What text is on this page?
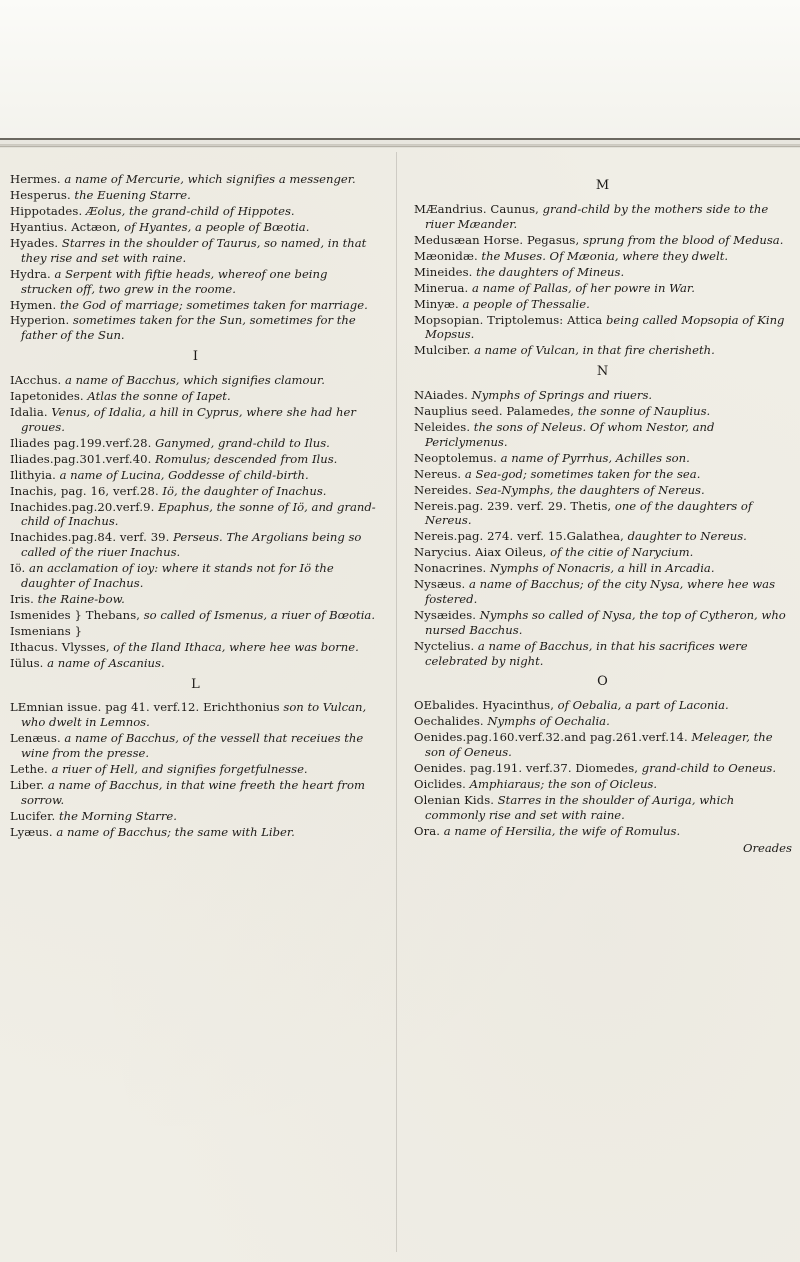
Hermes. a name of Mercurie, which signifies a messenger.
Hesperus. the Euening Starre.
Hippotades. Æolus, the grand-child of Hippotes.
Hyantius. Actæon, of Hyantes, a people of Bœotia.
Hyades. Starres in the shoulder of Taurus, so named, in that they rise and set with raine.
Hydra. a Serpent with fiftie heads, whereof one being strucken off, two grew in the roome.
Hymen. the God of marriage; sometimes taken for marriage.
Hyperion. sometimes taken for the Sun, sometimes for the father of the Sun.
I
IAcchus. a name of Bacchus, which signifies clamour.
Iapetonides. Atlas the sonne of Iapet.
Idalia. Venus, of Idalia, a hill in Cyprus, where she had her groues.
Iliades pag.199.verf.28. Ganymed, grand-child to Ilus.
Iliades.pag.301.verf.40. Romulus; descended from Ilus.
Ilithyia. a name of Lucina, Goddesse of child-birth.
Inachis, pag. 16, verf.28. Iö, the daughter of Inachus.
Inachides.pag.20.verf.9. Epaphus, the sonne of Iö, and grand-child of Inachus.
Inachides.pag.84. verf. 39. Perseus. The Argolians being so called of the riuer Inachus.
Iö. an acclamation of ioy: where it stands not for Iö the daughter of Inachus.
Iris. the Raine-bow.
Ismenides } Thebans, so called of Ismenus, a riuer of Bœotia.
Ismenians }
Ithacus. Vlysses, of the Iland Ithaca, where hee was borne.
Iülus. a name of Ascanius.
L
LEmnian issue. pag 41. verf.12. Erichthonius son to Vulcan, who dwelt in Lemnos.
Lenæus. a name of Bacchus, of the vessell that receiues the wine from the presse.
Lethe. a riuer of Hell, and signifies forgetfulnesse.
Liber. a name of Bacchus, in that wine freeth the heart from sorrow.
Lucifer. the Morning Starre.
Lyæus. a name of Bacchus; the same with Liber.
M
MÆandrius. Caunus, grand-child by the mothers side to the riuer Mæander.
Medusæan Horse. Pegasus, sprung from the blood of Medusa.
Mæonidæ. the Muses. Of Mæonia, where they dwelt.
Mineides. the daughters of Mineus.
Minerua. a name of Pallas, of her powre in War.
Minyæ. a people of Thessalie.
Mopsopian. Triptolemus: Attica being called Mopsopia of King Mopsus.
Mulciber. a name of Vulcan, in that fire cherisheth.
N
NAiades. Nymphs of Springs and riuers.
Nauplius seed. Palamedes, the sonne of Nauplius.
Neleides. the sons of Neleus. Of whom Nestor, and Periclymenus.
Neoptolemus. a name of Pyrrhus, Achilles son.
Nereus. a Sea-god; sometimes taken for the sea.
Nereides. Sea-Nymphs, the daughters of Nereus.
Nereis.pag. 239. verf. 29. Thetis, one of the daughters of Nereus.
Nereis.pag. 274. verf. 15.Galathea, daughter to Nereus.
Narycius. Aiax Oileus, of the citie of Narycium.
Nonacrines. Nymphs of Nonacris, a hill in Arcadia.
Nysæus. a name of Bacchus; of the city Nysa, where hee was fostered.
Nysæides. Nymphs so called of Nysa, the top of Cytheron, who nursed Bacchus.
Nyctelius. a name of Bacchus, in that his sacrifices were celebrated by night.
O
OEbalides. Hyacinthus, of Oebalia, a part of Laconia.
Oechalides. Nymphs of Oechalia.
Oenides.pag.160.verf.32.and pag.261.verf.14. Meleager, the son of Oeneus.
Oenides. pag.191. verf.37. Diomedes, grand-child to Oeneus.
Oiclides. Amphiaraus; the son of Oicleus.
Olenian Kids. Starres in the shoulder of Auriga, which commonly rise and set with raine.
Ora. a name of Hersilia, the wife of Romulus.
Oreades
